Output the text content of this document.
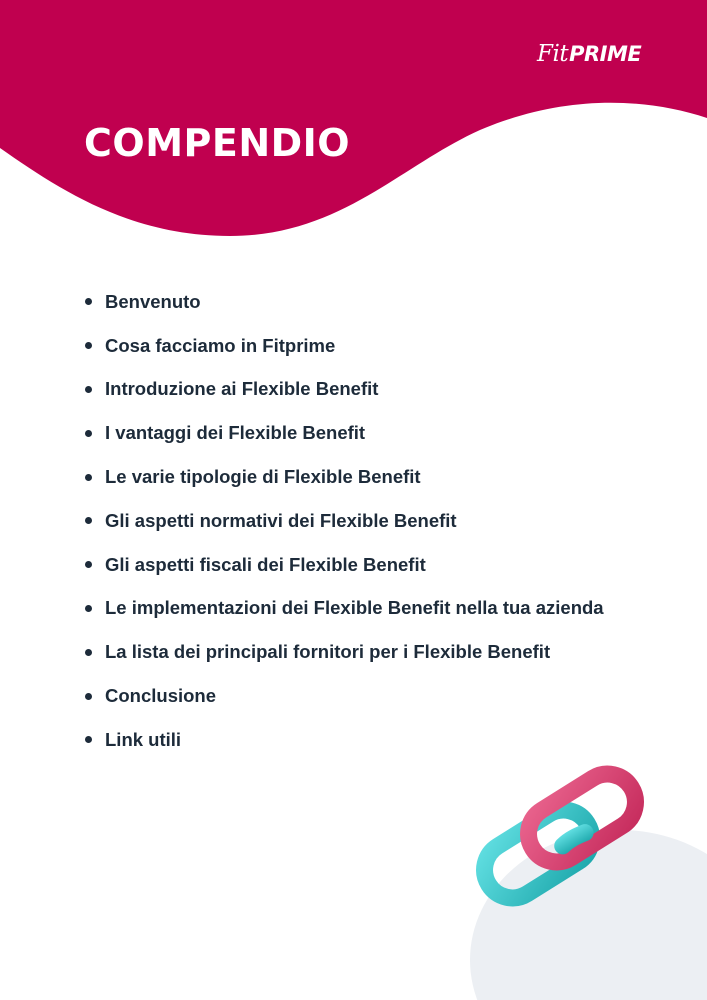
Fit PRIME
COMPENDIO
Benvenuto
Cosa facciamo in Fitprime
Introduzione ai Flexible Benefit
I vantaggi dei Flexible Benefit
Le varie tipologie di Flexible Benefit
Gli aspetti normativi dei Flexible Benefit
Gli aspetti fiscali dei Flexible Benefit
Le implementazioni dei Flexible Benefit nella tua azienda
La lista dei principali fornitori per i Flexible Benefit
Conclusione
Link utili
